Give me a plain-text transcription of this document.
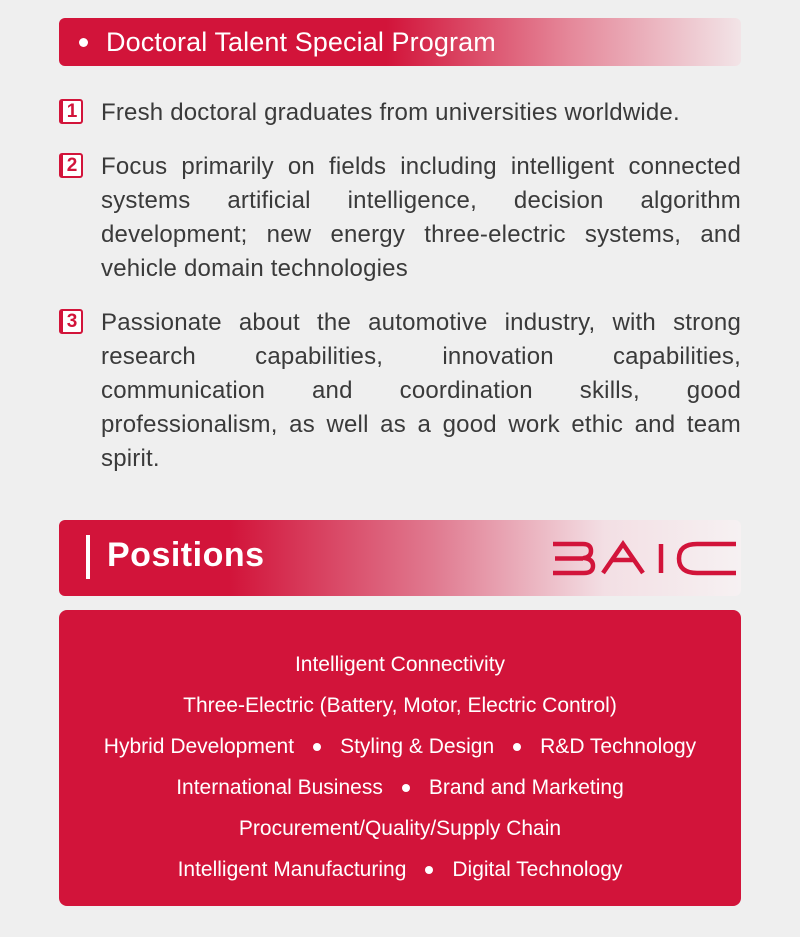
Doctoral Talent Special Program
1 Fresh doctoral graduates from universities worldwide.
2 Focus primarily on fields including intelligent connected systems artificial intelligence, decision algorithm development; new energy three-electric systems, and vehicle domain technologies
3 Passionate about the automotive industry, with strong research capabilities, innovation capabilities, communication and coordination skills, good professionalism, as well as a good work ethic and team spirit.
Positions
Intelligent Connectivity
Three-Electric (Battery, Motor, Electric Control)
Hybrid Development Styling & Design R&D Technology
International Business Brand and Marketing
Procurement/Quality/Supply Chain
Intelligent Manufacturing Digital Technology
